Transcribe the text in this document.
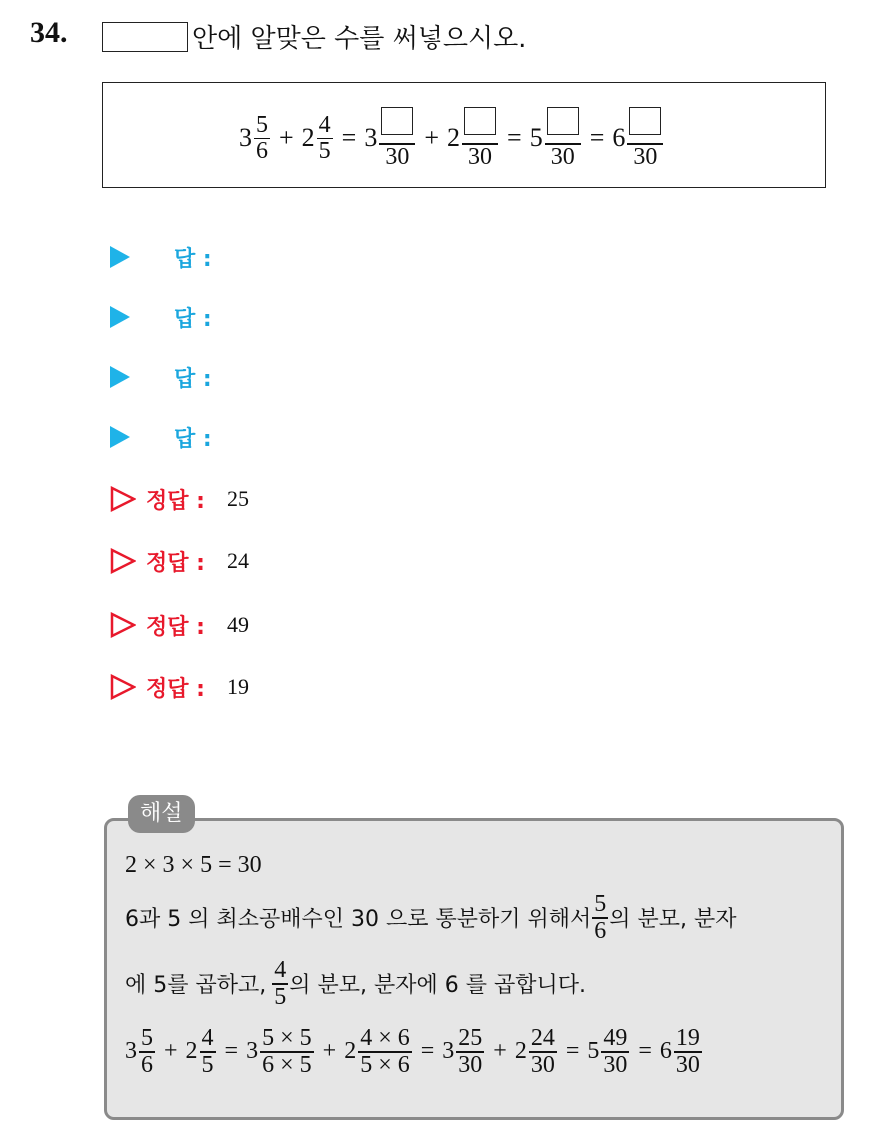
34.	안에 알맞은 수를 써넣으시오.
$3 \frac{5}{6} + 2 \frac{4}{5} = 3$
30
+ 2
30
= 5
30
= 6
30
답 :
답 :
답 :
답 :
정답 : 25
정답 : 24
정답 : 49
정답 : 19
해설
2 × 3 × 5 = 30
6과 5 의 최소공배수인 30 으로 통분하기 위해서 $\frac{5}{6}$ 의 분모, 분자
에 5를 곱하고, $\frac{4}{5}$ 의 분모, 분자에 6 를 곱합니다.
$3 \frac{5}{6} + 2 \frac{4}{5} = 3 \frac{5 \times 5}{6 \times 5} + 2 \frac{4 \times 6}{5 \times 6} = 3 \frac{25}{30} + 2 \frac{24}{30} = 5 \frac{49}{30} = 6 \frac{19}{30}$
